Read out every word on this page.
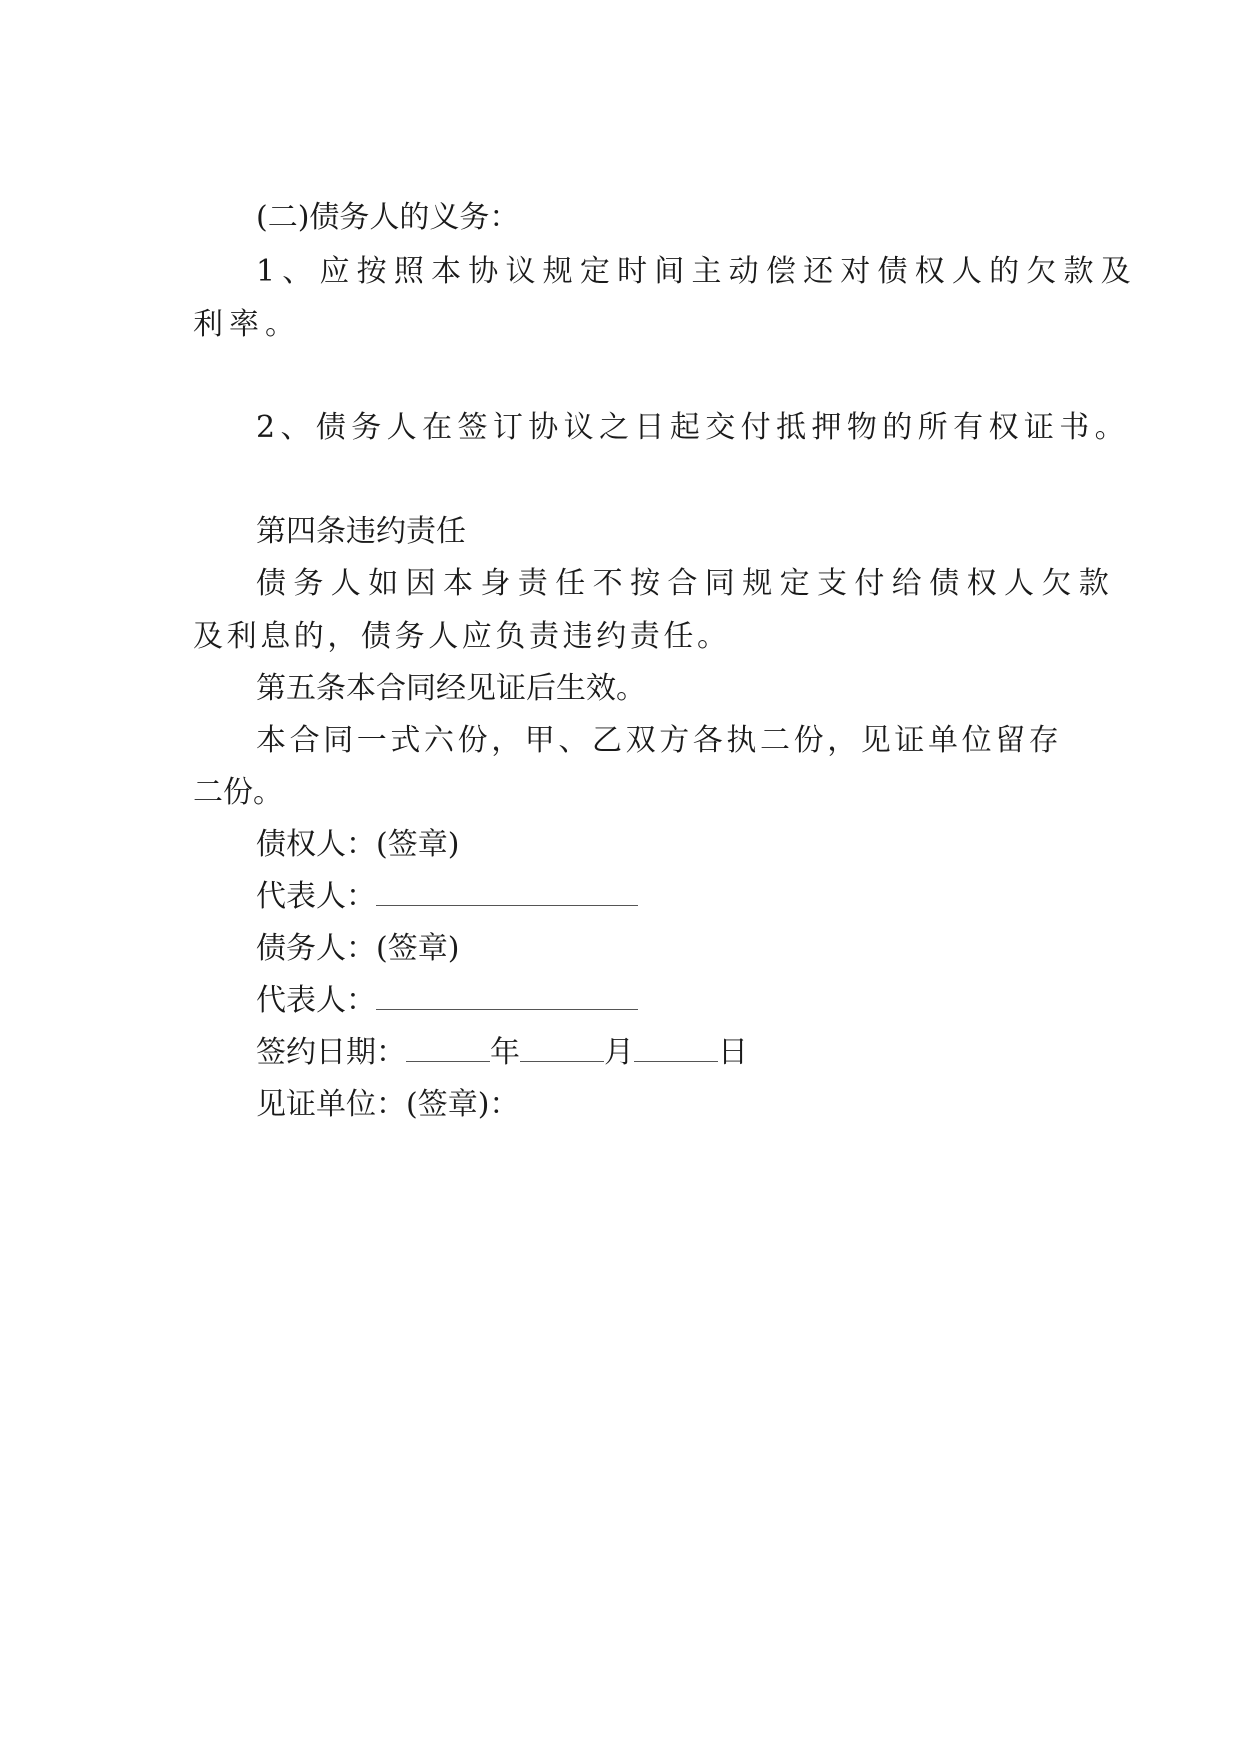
(二)债务人的义务：
1、应按照本协议规定时间主动偿还对债权人的欠款及
利率。
2、债务人在签订协议之日起交付抵押物的所有权证书。
第四条违约责任
债务人如因本身责任不按合同规定支付给债权人欠款
及利息的，债务人应负责违约责任。
第五条本合同经见证后生效。
本合同一式六份，甲、乙双方各执二份，见证单位留存
二份。
债权人：(签章)
代表人：
债务人：(签章)
代表人：
签约日期：	年	月	日
见证单位：(签章)：
